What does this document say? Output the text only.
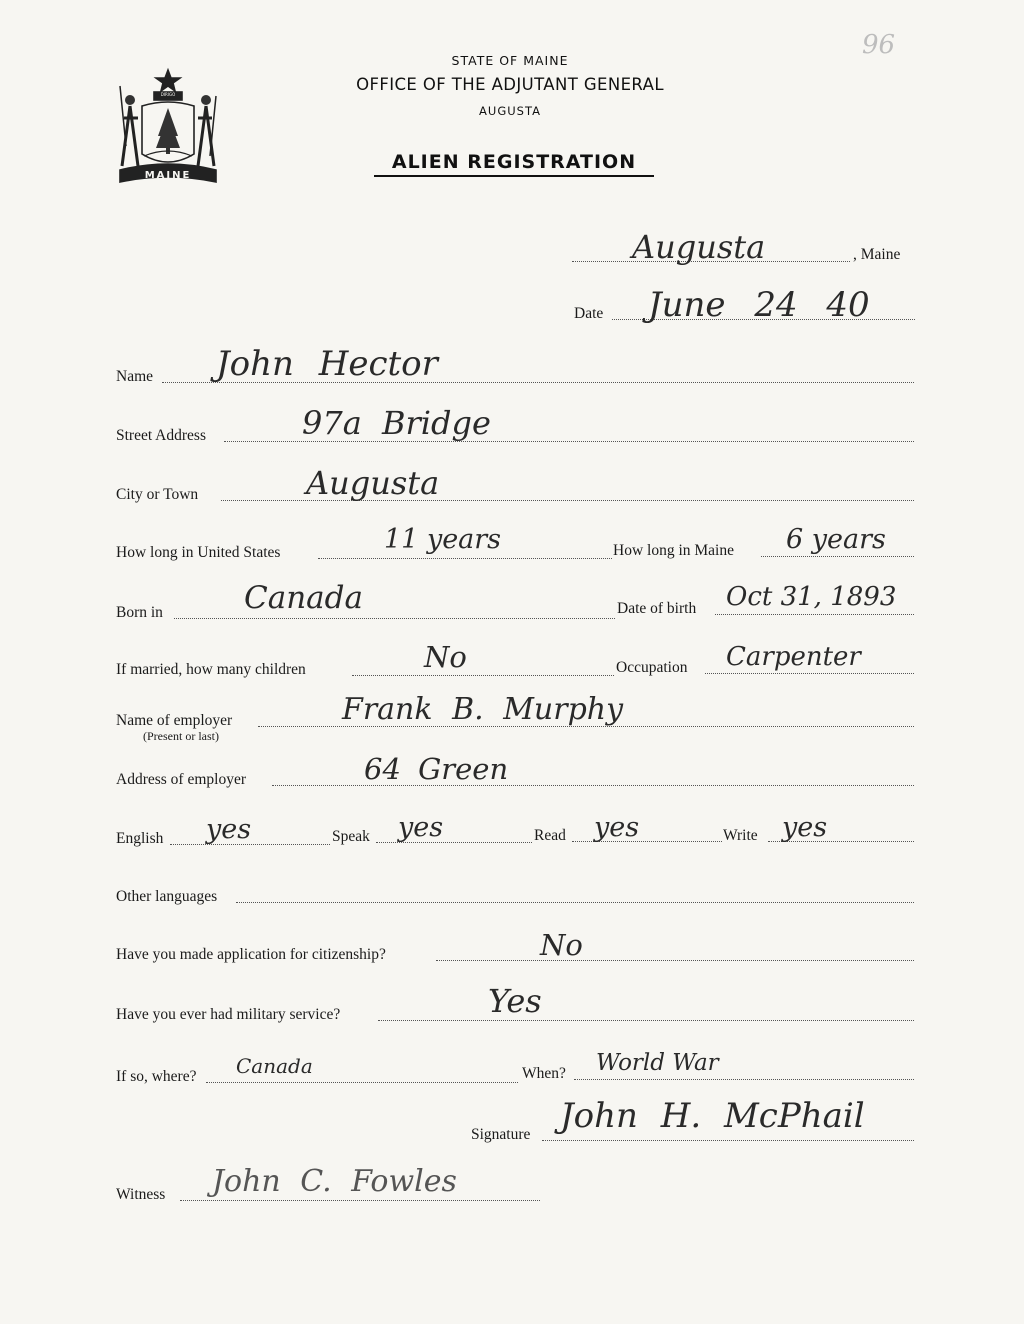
96
DIRIGO
MAINE
STATE OF MAINE
OFFICE OF THE ADJUTANT GENERAL
AUGUSTA
ALIEN REGISTRATION
Augusta	, Maine
Date June 24 40
Name John Hector
Street Address	97a Bridge
City or Town	Augusta
How long in United States	11 years	How long in Maine 6 years
Born in	Canada	Date of birth Oct 31, 1893
If married, how many children	No	Occupation Carpenter
Name of employer
(Present or last)
Frank B. Murphy
Address of employer	64 Green
English yes	Speak yes	Read yes	Write yes
Other languages
Have you made application for citizenship?	No
Have you ever had military service?	Yes
If so, where? Canada	When? World War
Signature John H. McPhail
Witness John C. Fowles
